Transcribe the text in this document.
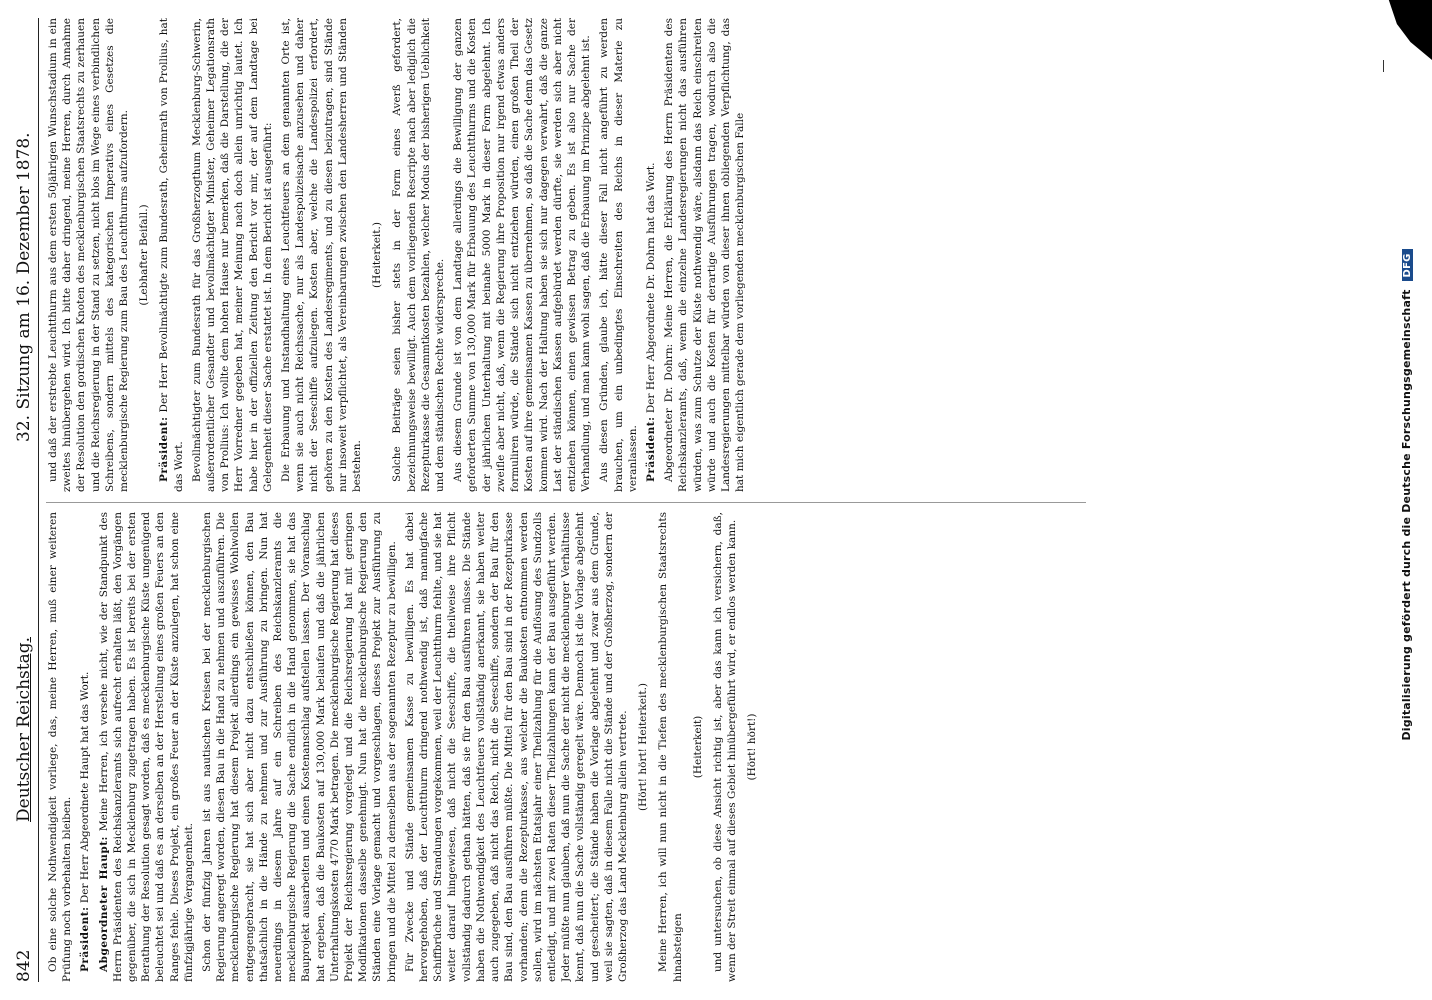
842
Deutscher Reichstag.
32. Sitzung am 16. Dezember 1878.

Ob eine solche Nothwendigkeit vorliege, das, meine Herren, muß einer weiteren Prüfung noch vorbehalten bleiben. Präsident: Der Herr Abgeordnete Haupt hat das Wort. Abgeordneter Haupt: Meine Herren, ich versehe nicht, wie der Standpunkt des Herrn Präsidenten des Reichskanzleramts sich aufrecht erhalten läßt, den Vorgängen gegenüber, die sich in Mecklenburg zugetragen haben. Es ist bereits bei der ersten Berathung der Resolution gesagt worden, daß es mecklenburgische Küste ungenügend beleuchtet sei und daß es an derselben an der Herstellung eines großen Feuers an den Ranges fehle. Dieses Projekt, ein großes Feuer an der Küste anzulegen, hat schon eine fünfzigjährige Vergangenheit. Schon der fünfzig Jahren ist aus nautischen Kreisen bei der mecklenburgischen Regierung angeregt worden, diesen Bau in die Hand zu nehmen und auszuführen. Die mecklenburgische Regierung hat diesem Projekt allerdings ein gewisses Wohlwollen entgegengebracht, sie hat sich aber nicht dazu entschließen können, den Bau thatsächlich in die Hände zu nehmen und zur Ausführung zu bringen. Nun hat neuerdings in diesem Jahre auf ein Schreiben des Reichskanzleramts die mecklenburgische Regierung die Sache endlich in die Hand genommen, sie hat das Bauprojekt ausarbeiten und einen Kostenanschlag aufstellen lassen. Der Voranschlag hat ergeben, daß die Baukosten auf 130,000 Mark belaufen und daß die jährlichen Unterhaltungskosten 4770 Mark betragen. Die mecklenburgische Regierung hat dieses Projekt der Reichsregierung vorgelegt und die Reichsregierung hat mit geringen Modifikationen dasselbe genehmigt. Nun hat die mecklenburgische Regierung den Ständen eine Vorlage gemacht und vorgeschlagen, dieses Projekt zur Ausführung zu bringen und die Mittel zu demselben aus der sogenannten Rezeptur zu bewilligen. Für Zwecke und Stände gemeinsamen Kasse zu bewilligen. Es hat dabei hervorgehoben, daß der Leuchtthurm dringend nothwendig ist, daß mannigfache Schiffbrüche und Strandungen vorgekommen, weil der Leuchtthurm fehlte, und sie hat weiter darauf hingewiesen, daß nicht die Seeschiffe, die theilweise ihre Pflicht vollständig dadurch gethan hätten, daß sie für den Bau ausführen müsse. Die Stände haben die Nothwendigkeit des Leuchtfeuers vollständig anerkannt, sie haben weiter auch zugegeben, daß nicht das Reich, nicht die Seeschiffe, sondern der Bau für den Bau sind, den Bau ausführen müßte. Die Mittel für den Bau sind in der Rezepturkasse vorhanden; denn die Rezepturkasse, aus welcher die Baukosten entnommen werden sollen, wird im nächsten Etatsjahr einer Theilzahlung für die Auflösung des Sundzolls entledigt, und mit zwei Raten dieser Theilzahlungen kann der Bau ausgeführt werden. Jeder müßte nun glauben, daß nun die Sache der nicht die mecklenburger Verhältnisse kennt, daß nun die Sache vollständig geregelt wäre. Dennoch ist die Vorlage abgelehnt und gescheitert; die Stände haben die Vorlage abgelehnt und zwar aus dem Grunde, weil sie sagten, daß in diesem Falle nicht die Stände und der Großherzog, sondern der Großherzog das Land Mecklenburg allein vertrete. (Hört! hört! Heiterkeit.) Meine Herren, ich will nun nicht in die Tiefen des mecklenburgischen Staatsrechts hinabsteigen

(Heiterkeit) und untersuchen, ob diese Ansicht richtig ist, aber das kann ich versichern, daß, wenn der Streit einmal auf dieses Gebiet hinübergeführt wird, er endlos werden kann. (Hört! hört!)

und daß der erstrebte Leuchtthurm aus dem ersten 50jährigen Wunschstadium in ein zweites hinübergehen wird. Ich bitte daher dringend, meine Herren, durch Annahme der Resolution den gordischen Knoten des mecklenburgischen Staatsrechts zu zerhauen und die Reichsregierung in der Stand zu setzen, nicht blos im Wege eines verbindlichen Schreibens, sondern mittels des kategorischen Imperativs eines Gesetzes die mecklenburgische Regierung zum Bau des Leuchtthurms aufzufordern. (Lebhafter Beifall.)

Präsident: Der Herr Bevollmächtigte zum Bundesrath, Geheimrath von Prollius, hat das Wort. Bevollmächtigter zum Bundesrath für das Großherzogthum Mecklenburg-Schwerin, außerordentlicher Gesandter und bevollmächtigter Minister, Geheimer Legationsrath von Prollius: Ich wollte dem hohen Hause nur bemerken, daß die Darstellung, die der Herr Vorredner gegeben hat, meiner Meinung nach doch allein unrichtig lautet. Ich habe hier in der offiziellen Zeitung den Bericht vor mir, der auf dem Landtage bei Gelegenheit dieser Sache erstattet ist. In dem Bericht ist ausgeführt: Die Erbauung und Instandhaltung eines Leuchtfeuers an dem genannten Orte ist, wenn sie auch nicht Reichssache, nur als Landespolizeisache anzusehen und daher nicht der Seeschiffe aufzulegen. Kosten aber, welche die Landespolizei erfordert, gehören zu den Kosten des Landesregiments, und zu diesen beizutragen, sind Stände nur insoweit verpflichtet, als Vereinbarungen zwischen den Landesherren und Ständen bestehen.

(Heiterkeit.) Solche Beiträge seien bisher stets in der Form eines Averß gefordert, bezeichnungsweise bewilligt. Auch dem vorliegenden Rescripte nach aber lediglich die Rezepturkasse die Gesammtkosten bezahlen, welcher Modus der bisherigen Ueblichkeit und dem ständischen Rechte widerspreche. Aus diesem Grunde ist von dem Landtage allerdings die Bewilligung der ganzen geforderten Summe von 130,000 Mark für Erbauung des Leuchtthurms und die Kosten der jährlichen Unterhaltung mit beinahe 5000 Mark in dieser Form abgelehnt. Ich zweifle aber nicht, daß, wenn die Regierung ihre Proposition nur irgend etwas anders formuliren würde, die Stände sich nicht entziehen würden, einen großen Theil der Kosten auf ihre gemeinsamen Kassen zu übernehmen, so daß die Sache denn das Gesetz kommen wird. Nach der Haltung haben sie sich nur dagegen verwahrt, daß die ganze Last der ständischen Kassen aufgebürdet werden dürfte, sie werden sich aber nicht entziehen können, einen gewissen Betrag zu geben. Es ist also nur Sache der Verhandlung, und man kann wohl sagen, daß die Erbauung im Prinzipe abgelehnt ist. Aus diesen Gründen, glaube ich, hätte dieser Fall nicht angeführt zu werden brauchen, um ein unbedingtes Einschreiten des Reichs in dieser Materie zu veranlassen. Präsident: Der Herr Abgeordnete Dr. Dohrn hat das Wort. Abgeordneter Dr. Dohrn: Meine Herren, die Erklärung des Herrn Präsidenten des Reichskanzleramts, daß, wenn die einzelne Landesregierungen nicht das ausführen würden, was zum Schutze der Küste nothwendig wäre, alsdann das Reich einschreiten würde und auch die Kosten für derartige Ausführungen tragen, wodurch also die Landesregierungen mittelbar würden von dieser ihnen obliegenden Verpflichtung, das hat mich eigentlich gerade dem vorliegenden mecklenburgischen Falle	Digitalisierung gefördert durch die Deutsche Forschungsgemeinschaft DFG
